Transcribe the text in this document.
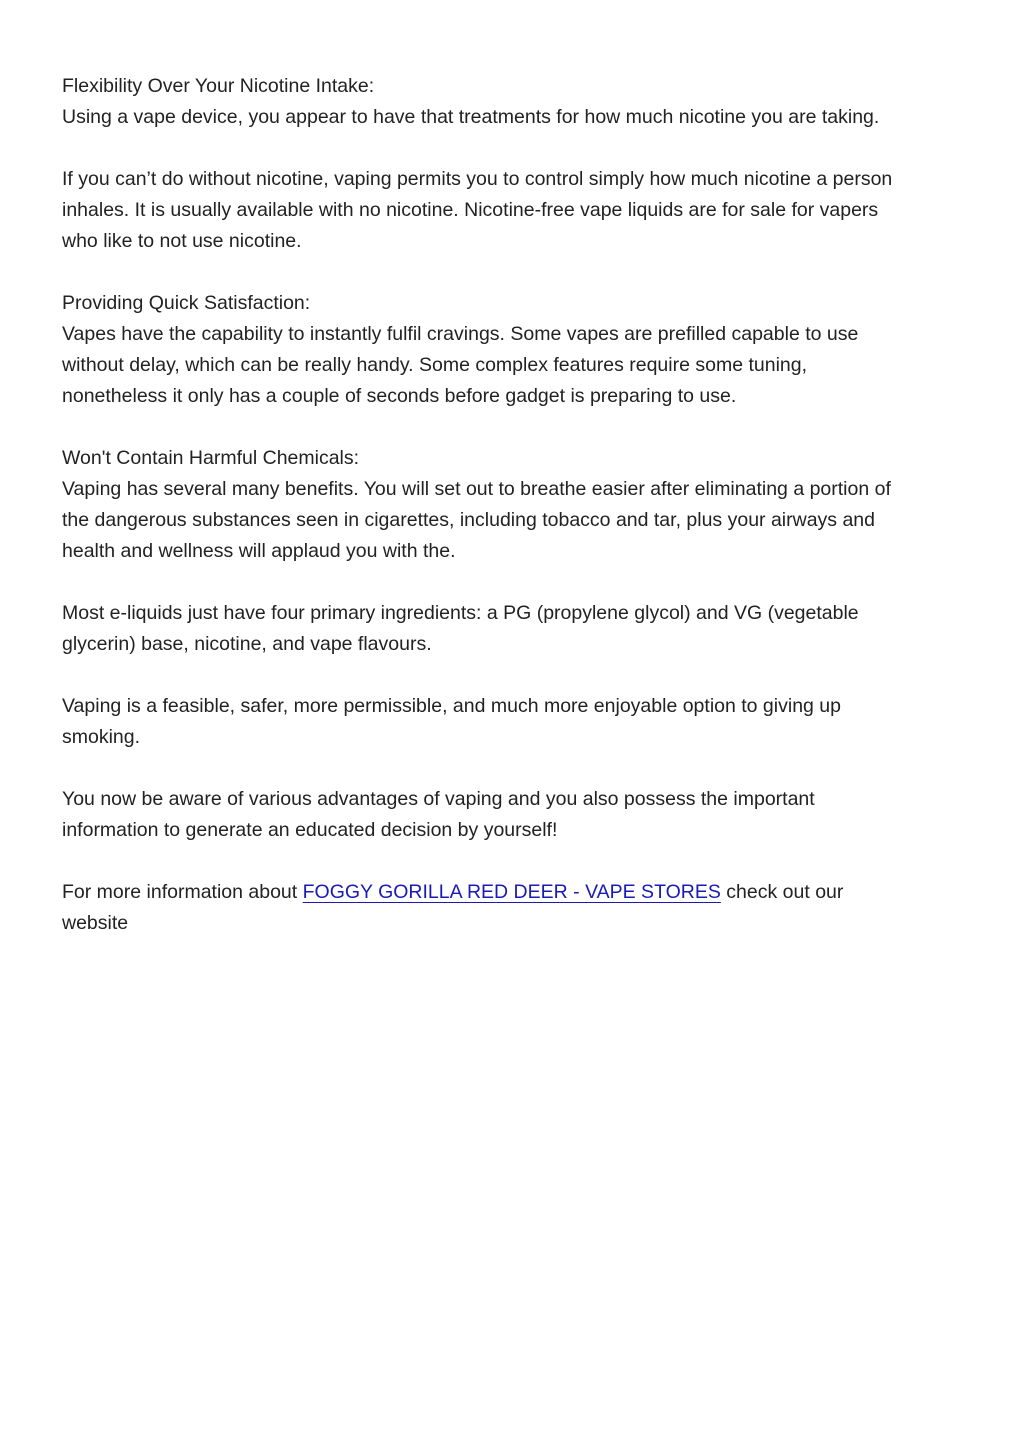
Flexibility Over Your Nicotine Intake:
Using a vape device, you appear to have that treatments for how much nicotine you are taking.
If you can’t do without nicotine, vaping permits you to control simply how much nicotine a person
inhales. It is usually available with no nicotine. Nicotine-free vape liquids are for sale for vapers
who like to not use nicotine.
Providing Quick Satisfaction:
Vapes have the capability to instantly fulfil cravings. Some vapes are prefilled capable to use
without delay, which can be really handy. Some complex features require some tuning,
nonetheless it only has a couple of seconds before gadget is preparing to use.
Won't Contain Harmful Chemicals:
Vaping has several many benefits. You will set out to breathe easier after eliminating a portion of
the dangerous substances seen in cigarettes, including tobacco and tar, plus your airways and
health and wellness will applaud you with the.
Most e-liquids just have four primary ingredients: a PG (propylene glycol) and VG (vegetable
glycerin) base, nicotine, and vape flavours.
Vaping is a feasible, safer, more permissible, and much more enjoyable option to giving up
smoking.
You now be aware of various advantages of vaping and you also possess the important
information to generate an educated decision by yourself!
For more information about FOGGY GORILLA RED DEER - VAPE STORES check out our
website
